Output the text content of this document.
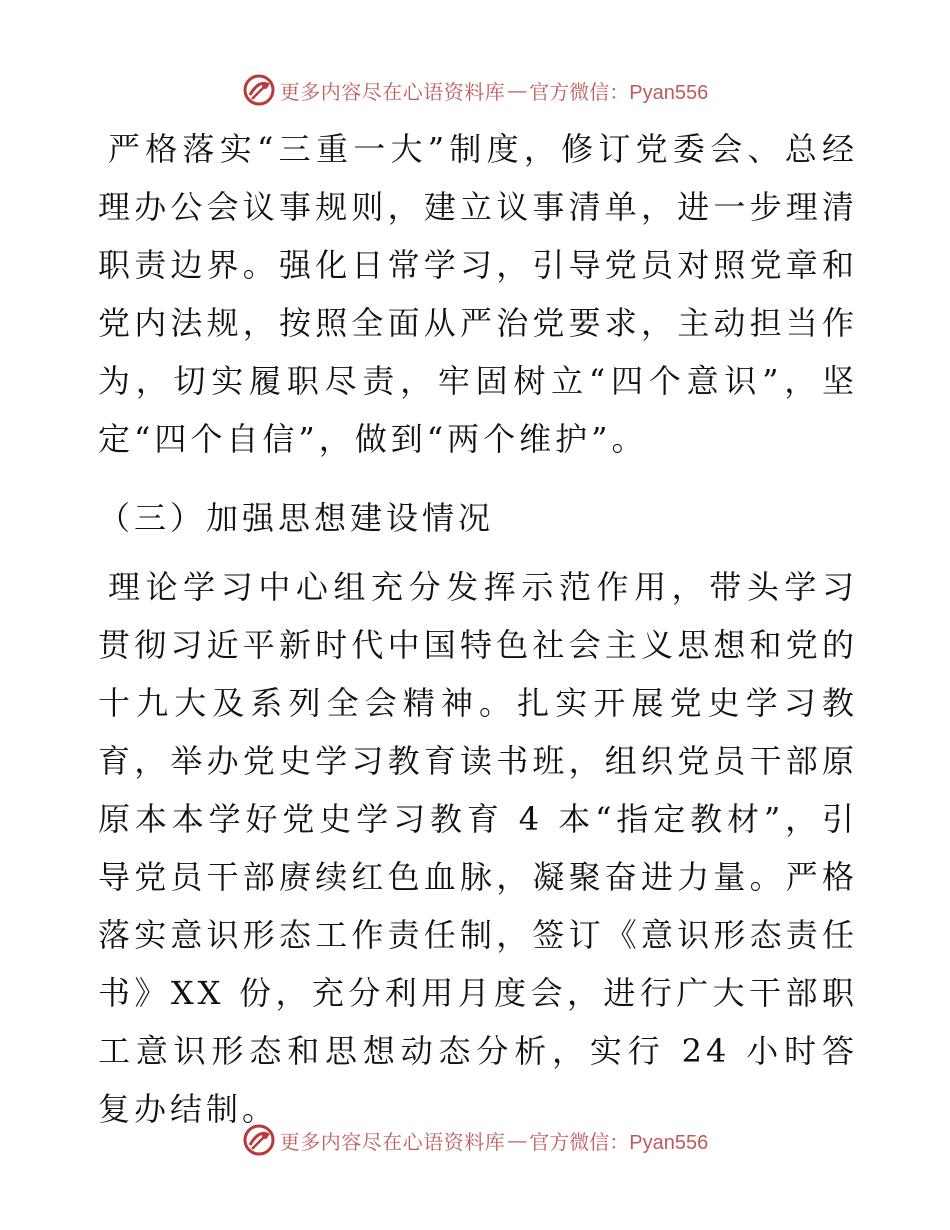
更多内容尽在心语资料库 — 官方微信：Pyan556

严格落实“三重一大”制度，修订党委会、总经理办公会议事规则，建立议事清单，进一步理清职责边界。强化日常学习，引导党员对照党章和党内法规，按照全面从严治党要求，主动担当作为，切实履职尽责，牢固树立“四个意识”，坚定“四个自信”，做到“两个维护”。

（三）加强思想建设情况

理论学习中心组充分发挥示范作用，带头学习贯彻习近平新时代中国特色社会主义思想和党的十九大及系列全会精神。扎实开展党史学习教育，举办党史学习教育读书班，组织党员干部原原本本学好党史学习教育 4 本“指定教材”，引导党员干部赓续红色血脉，凝聚奋进力量。严格落实意识形态工作责任制，签订《意识形态责任书》XX 份，充分利用月度会，进行广大干部职工意识形态和思想动态分析，实行 24 小时答复办结制。

更多内容尽在心语资料库 — 官方微信：Pyan556
